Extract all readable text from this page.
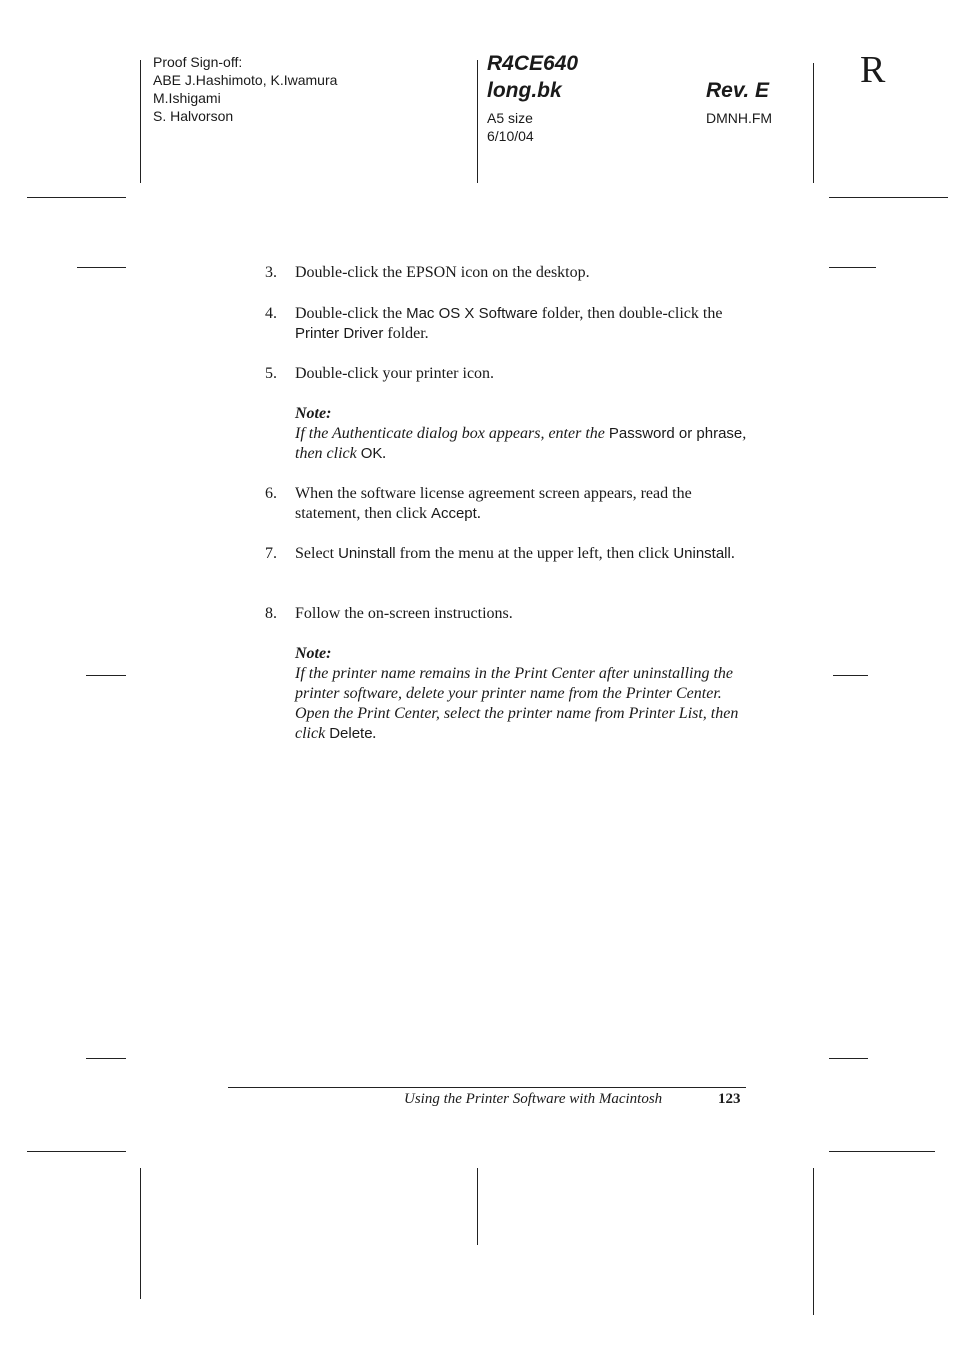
Proof Sign-off:
ABE J.Hashimoto, K.Iwamura
M.Ishigami
S. Halvorson
R4CE640
long.bk	Rev. E
A5 size
6/10/04
DMNH.FM
R
3. Double-click the EPSON icon on the desktop.
4. Double-click the Mac OS X Software folder, then double-click the Printer Driver folder.
5. Double-click your printer icon.
Note:
If the Authenticate dialog box appears, enter the Password or phrase, then click OK.
6. When the software license agreement screen appears, read the statement, then click Accept.
7. Select Uninstall from the menu at the upper left, then click Uninstall.
8. Follow the on-screen instructions.
Note:
If the printer name remains in the Print Center after uninstalling the printer software, delete your printer name from the Printer Center. Open the Print Center, select the printer name from Printer List, then click Delete.
Using the Printer Software with Macintosh	123
